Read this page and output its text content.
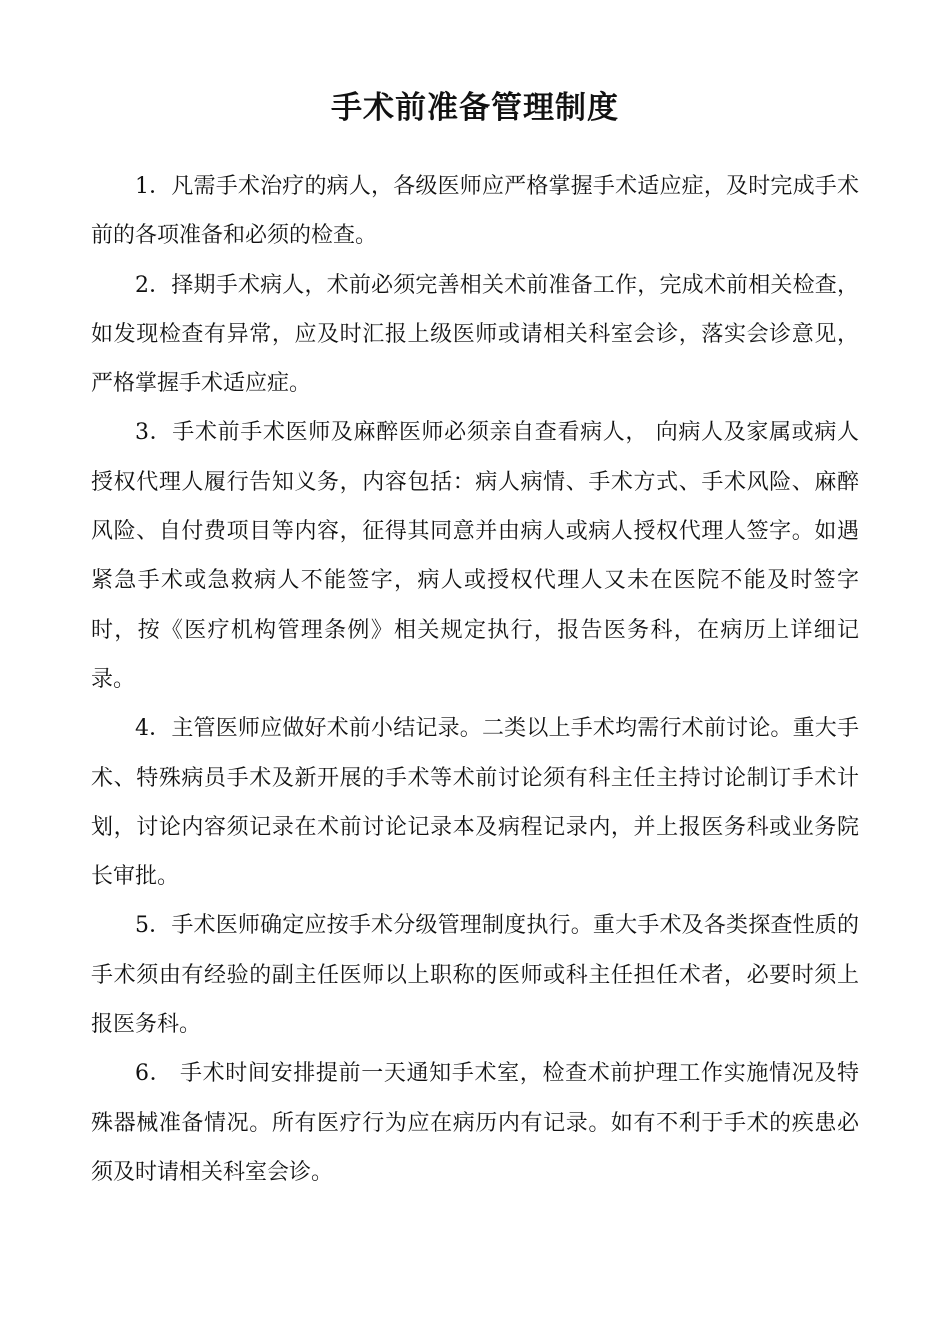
手术前准备管理制度

1．凡需手术治疗的病人，各级医师应严格掌握手术适应症，及时完成手术前的各项准备和必须的检查。

2．择期手术病人，术前必须完善相关术前准备工作，完成术前相关检查，如发现检查有异常，应及时汇报上级医师或请相关科室会诊，落实会诊意见，严格掌握手术适应症。

3．手术前手术医师及麻醉医师必须亲自查看病人， 向病人及家属或病人授权代理人履行告知义务，内容包括：病人病情、手术方式、手术风险、麻醉风险、自付费项目等内容，征得其同意并由病人或病人授权代理人签字。如遇紧急手术或急救病人不能签字，病人或授权代理人又未在医院不能及时签字时，按《医疗机构管理条例》相关规定执行，报告医务科，在病历上详细记录。

4．主管医师应做好术前小结记录。二类以上手术均需行术前讨论。重大手术、特殊病员手术及新开展的手术等术前讨论须有科主任主持讨论制订手术计划，讨论内容须记录在术前讨论记录本及病程记录内，并上报医务科或业务院长审批。

5．手术医师确定应按手术分级管理制度执行。重大手术及各类探查性质的手术须由有经验的副主任医师以上职称的医师或科主任担任术者，必要时须上报医务科。

6． 手术时间安排提前一天通知手术室，检查术前护理工作实施情况及特殊器械准备情况。所有医疗行为应在病历内有记录。如有不利于手术的疾患必须及时请相关科室会诊。
